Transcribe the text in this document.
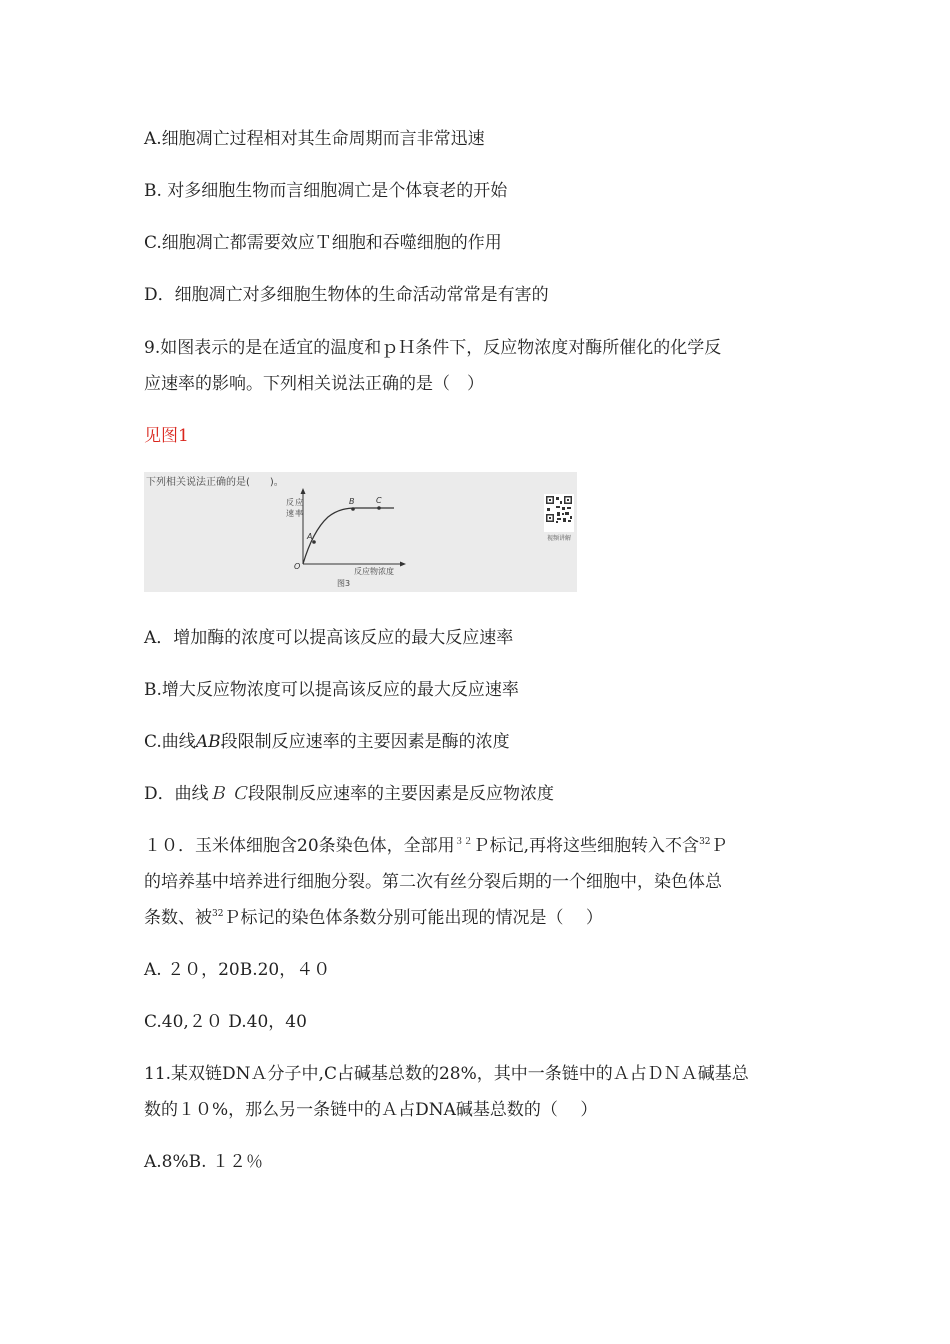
A.细胞凋亡过程相对其生命周期而言非常迅速
B. 对多细胞生物而言细胞凋亡是个体衰老的开始
C.细胞凋亡都需要效应Ｔ细胞和吞噬细胞的作用
D．细胞凋亡对多细胞生物体的生命活动常常是有害的
9.如图表示的是在适宜的温度和ｐＨ条件下，反应物浓度对酶所催化的化学反
应速率的影响。下列相关说法正确的是（　）
见图1
下列相关说法正确的是(　　)。
反 应
速 率
A
B	C
O
反应物浓度
图3
视频讲解
A．增加酶的浓度可以提高该反应的最大反应速率
B.增大反应物浓度可以提高该反应的最大反应速率
C.曲线AB段限制反应速率的主要因素是酶的浓度
D．曲线Ｂ Ｃ段限制反应速率的主要因素是反应物浓度
１０．玉米体细胞含20条染色体，全部用$^{32}$Ｐ标记,再将这些细胞转入不含$^{32}$Ｐ
的培养基中培养进行细胞分裂。第二次有丝分裂后期的一个细胞中，染色体总
条数、被$^{32}$Ｐ标记的染色体条数分别可能出现的情况是（　 ）
A. ２０，20B.20，４０
C.40,２０ D.40，40
11.某双链DNＡ分子中,C占碱基总数的28%，其中一条链中的Ａ占ＤＮＡ碱基总
数的１０%，那么另一条链中的Ａ占DNA碱基总数的（　 ）
A.8%B. １２％
